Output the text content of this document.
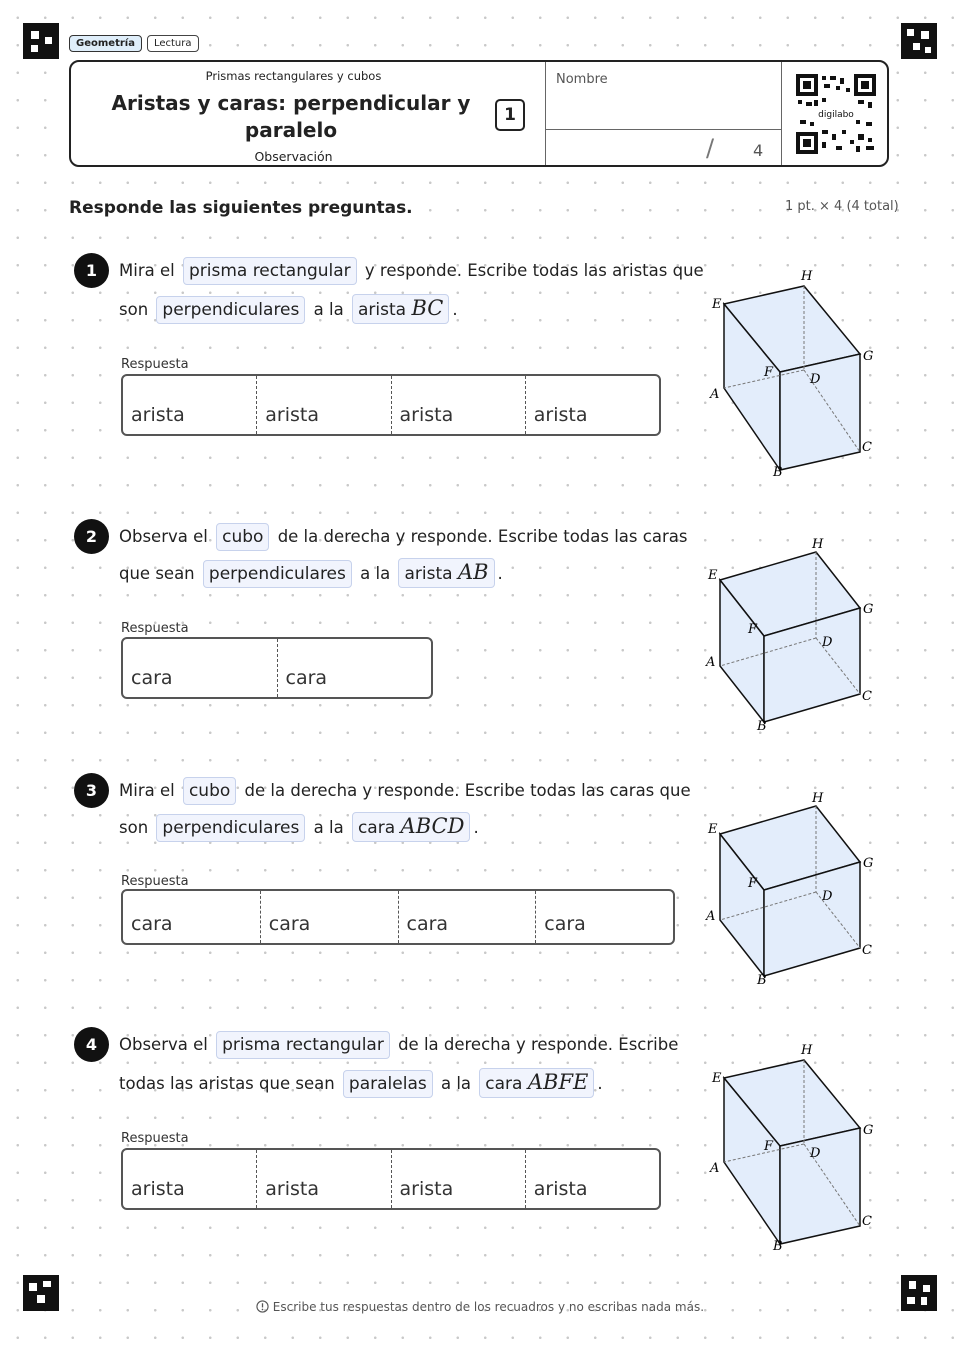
Geometría	Lectura
Prismas rectangulares y cubos
Aristas y caras: perpendicular y paralelo
Observación
1
Nombre
/ 4
digilabo
Responde las siguientes preguntas.	1 pt. × 4 (4 total)
1	Mira el prisma rectangular y responde. Escribe todas las aristas que
son perpendiculares a la arista BC .
Respuesta
arista	arista	arista	arista
2	Observa el cubo de la derecha y responde. Escribe todas las caras
que sean perpendiculares a la arista AB .
Respuesta
cara	cara
3	Mira el cubo de la derecha y responde. Escribe todas las caras que
son perpendiculares a la cara ABCD .
Respuesta
cara	cara	cara	cara
4	Observa el prisma rectangular de la derecha y responde. Escribe
todas las aristas que sean paralelas a la cara ABFE .
Respuesta
arista	arista	arista	arista
H
E
G
F	D
A
C
B
H
E
G
F
D
A
C
B
H
E
G
F
D
A
C
B
H
E
G
F	D
A
C
B
Escribe tus respuestas dentro de los recuadros y no escribas nada más.
